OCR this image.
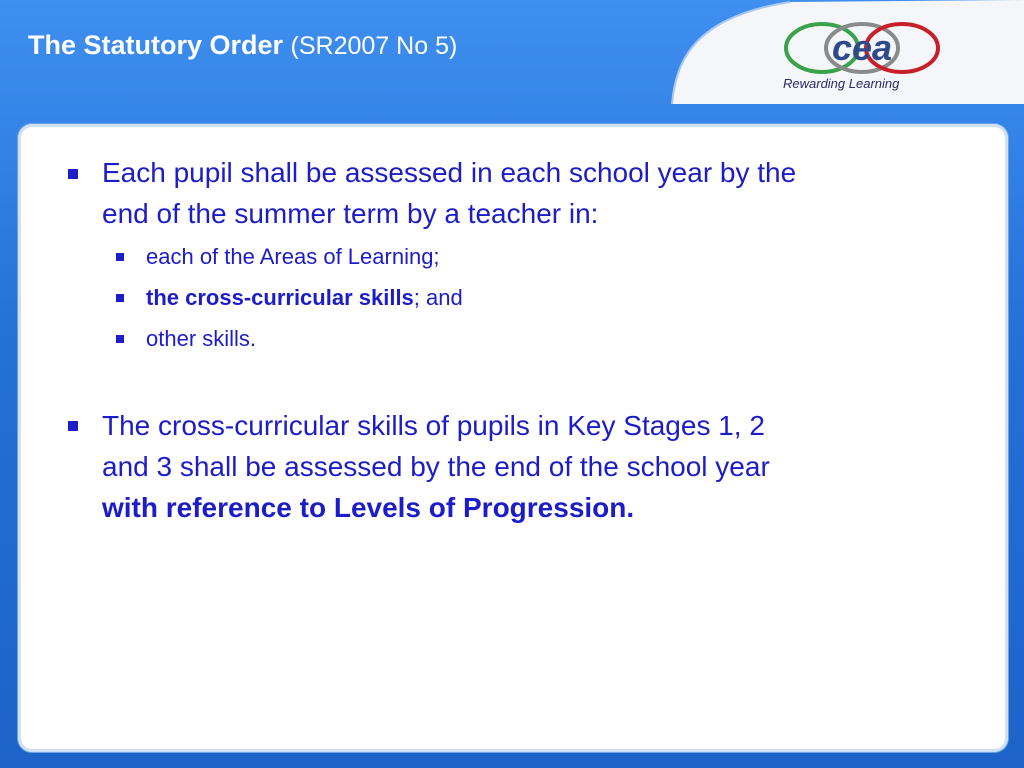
The Statutory Order (SR2007 No 5)	cea

Rewarding Learning

Each pupil shall be assessed in each school year by the
end of the summer term by a teacher in:
each of the Areas of Learning;
the cross-curricular skills; and
other skills.
The cross-curricular skills of pupils in Key Stages 1, 2
and 3 shall be assessed by the end of the school year
with reference to Levels of Progression.
